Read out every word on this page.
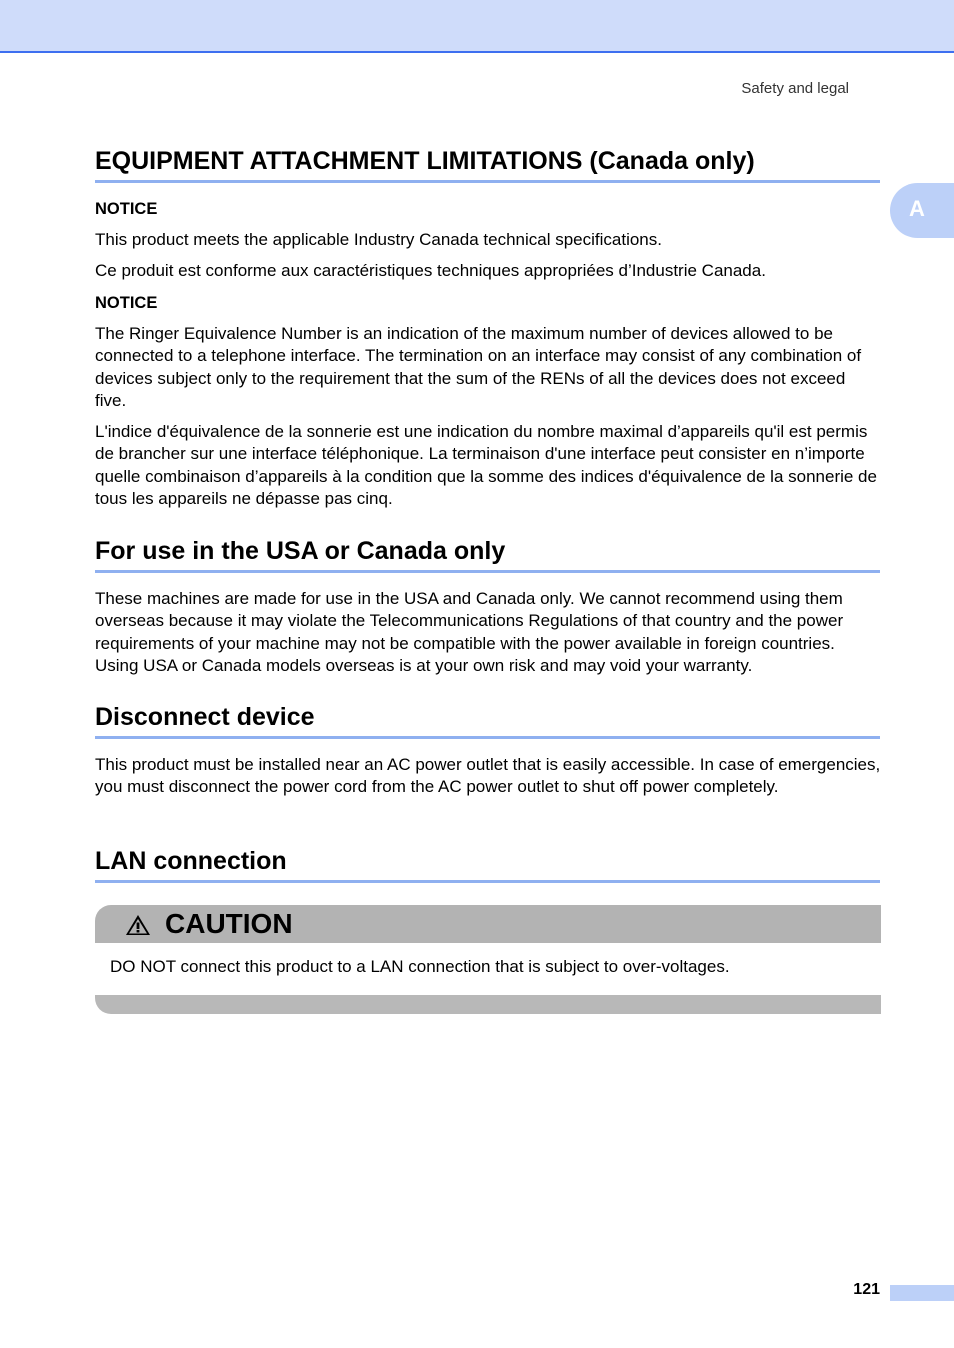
Safety and legal
A
EQUIPMENT ATTACHMENT LIMITATIONS (Canada only)
NOTICE

This product meets the applicable Industry Canada technical specifications.

Ce produit est conforme aux caractéristiques techniques appropriées d’Industrie Canada.

NOTICE

The Ringer Equivalence Number is an indication of the maximum number of devices allowed to be connected to a telephone interface. The termination on an interface may consist of any combination of devices subject only to the requirement that the sum of the RENs of all the devices does not exceed five.

L'indice d'équivalence de la sonnerie est une indication du nombre maximal d’appareils qu'il est permis de brancher sur une interface téléphonique. La terminaison d'une interface peut consister en n’importe quelle combinaison d’appareils à la condition que la somme des indices d'équivalence de la sonnerie de tous les appareils ne dépasse pas cinq.

For use in the USA or Canada only

These machines are made for use in the USA and Canada only. We cannot recommend using them overseas because it may violate the Telecommunications Regulations of that country and the power requirements of your machine may not be compatible with the power available in foreign countries. Using USA or Canada models overseas is at your own risk and may void your warranty.

Disconnect device

This product must be installed near an AC power outlet that is easily accessible. In case of emergencies, you must disconnect the power cord from the AC power outlet to shut off power completely.

LAN connection
CAUTION
DO NOT connect this product to a LAN connection that is subject to over-voltages.
121
